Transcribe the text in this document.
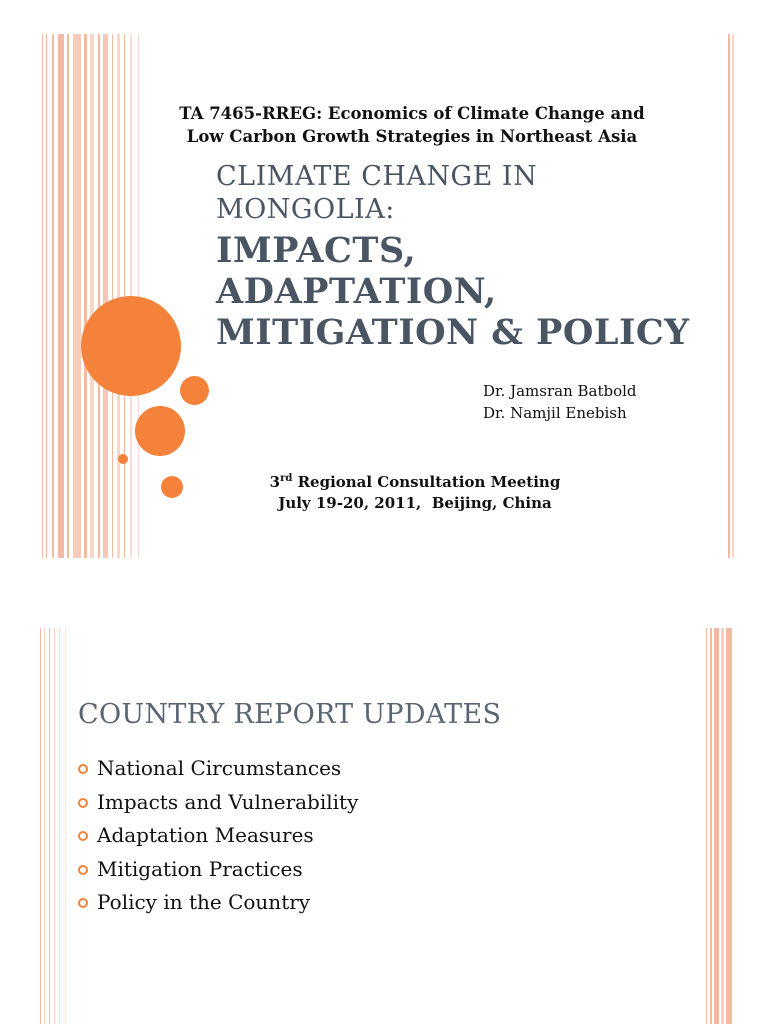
TA 7465-RREG: Economics of Climate Change and
Low Carbon Growth Strategies in Northeast Asia
CLIMATE CHANGE IN
MONGOLIA:
IMPACTS,
ADAPTATION,
MITIGATION & POLICY
Dr. Jamsran Batbold
Dr. Namjil Enebish
3rd Regional Consultation Meeting
July 19-20, 2011,  Beijing, China
COUNTRY REPORT UPDATES
National Circumstances
Impacts and Vulnerability
Adaptation Measures
Mitigation Practices
Policy in the Country
